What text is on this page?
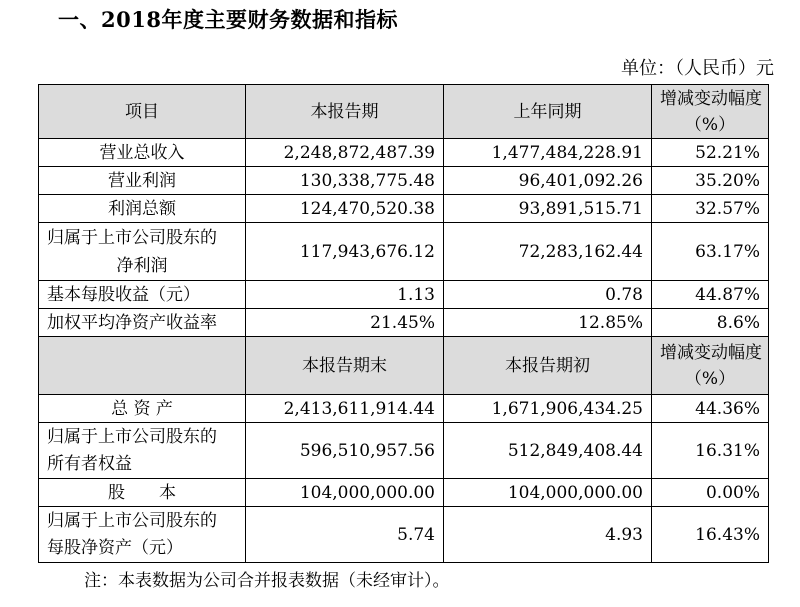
一、2018年度主要财务数据和指标
单位：（人民币）元
项目	本报告期	上年同期	增减变动幅度
（%）

营业总收入	2,248,872,487.39	1,477,484,228.91	52.21%
营业利润	130,338,775.48	96,401,092.26	35.20%
利润总额	124,470,520.38	93,891,515.71	32.57%

归属于上市公司股东的
净利润	117,943,676.12	72,283,162.44	63.17%
基本每股收益（元）	1.13	0.78	44.87%
加权平均净资产收益率	21.45%	12.85%	8.6%
	本报告期末	本报告期初	增减变动幅度
（%）

总 资 产	2,413,611,914.44	1,671,906,434.25	44.36%

归属于上市公司股东的
所有者权益	596,510,957.56	512,849,408.44	16.31%
股　　本	104,000,000.00	104,000,000.00	0.00%

归属于上市公司股东的
每股净资产（元）	5.74	4.93	16.43%
注：本表数据为公司合并报表数据（未经审计）。
